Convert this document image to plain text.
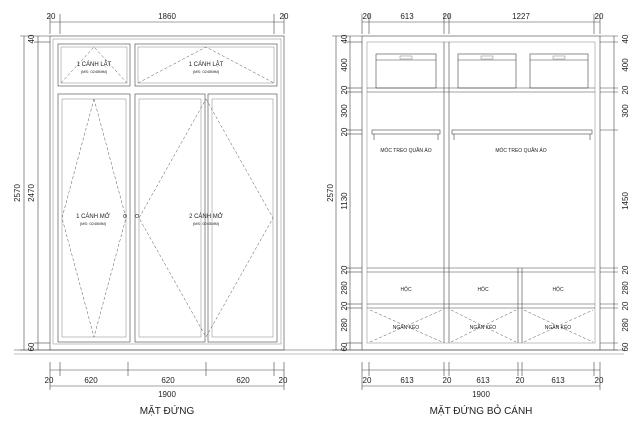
20	1860	20
2570
40
2470
60
1 CÁNH LẬT
(MS: 0245MM)
1 CÁNH LẬT
(MS: 0245MM)
1 CÁNH MỞ
(MS: 0245MM)
2 CÁNH MỞ
(MS: 0245MM)
20	620	620	620	20
1900
MẶT ĐỨNG
20	613	20	1227	20
2570
40
400
20
300
20
1130
20
280
20
280
60
40
400
20
300
1450
20
280
20
280
60
MÓC TREO QUẦN ÁO	MÓC TREO QUẦN ÁO
HỘC	HỘC	HỘC
NGĂN KÉO	NGĂN KÉO	NGĂN KÉO
20	613	20	613	20	613	20
1900
MẶT ĐỨNG BỎ CÁNH
